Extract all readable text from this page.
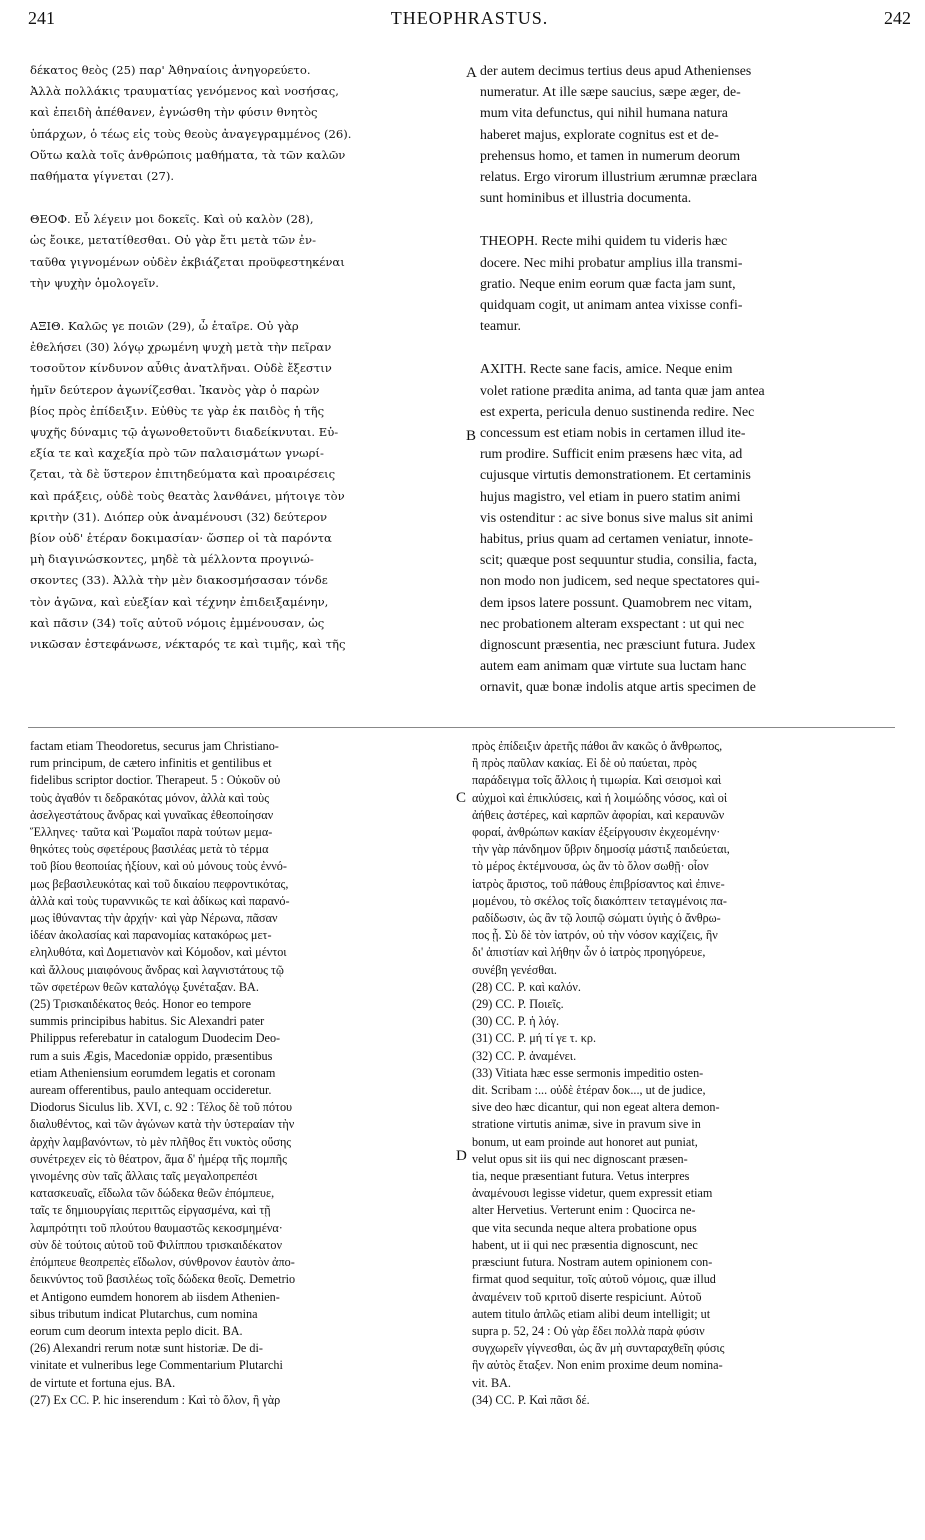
241	THEOPHRASTUS.	242
A
B
C
D
δέκατος θεὸς (25) παρ' Ἀθηναίοις ἀνηγορεύετο.
Ἀλλὰ πολλάκις τραυματίας γενόμενος καὶ νοσήσας,
καὶ ἐπειδὴ ἀπέθανεν, ἐγνώσθη τὴν φύσιν θνητὸς
ὑπάρχων, ὁ τέως εἰς τοὺς θεοὺς ἀναγεγραμμένος (26).
Οὕτω καλὰ τοῖς ἀνθρώποις μαθήματα, τὰ τῶν καλῶν
παθήματα γίγνεται (27).
ΘΕΟΦ. Εὖ λέγειν μοι δοκεῖς. Καὶ οὐ καλὸν (28),
ὡς ἔοικε, μετατίθεσθαι. Οὐ γὰρ ἔτι μετὰ τῶν ἐν-
ταῦθα γιγνομένων οὐδὲν ἐκβιάζεται προϋφεστηκέναι
τὴν ψυχὴν ὁμολογεῖν.
ΑΞΙΘ. Καλῶς γε ποιῶν (29), ὦ ἑταῖρε. Οὐ γὰρ
ἐθελήσει (30) λόγῳ χρωμένη ψυχὴ μετὰ τὴν πεῖραν
τοσοῦτον κίνδυνον αὖθις ἀνατλῆναι. Οὐδὲ ἔξεστιν
ἡμῖν δεύτερον ἀγωνίζεσθαι. Ἱκανὸς γὰρ ὁ παρὼν
βίος πρὸς ἐπίδειξιν. Εὐθὺς τε γὰρ ἐκ παιδὸς ἡ τῆς
ψυχῆς δύναμις τῷ ἀγωνοθετοῦντι διαδείκνυται. Εὐ-
εξία τε καὶ καχεξία πρὸ τῶν παλαισμάτων γνωρί-
ζεται, τὰ δὲ ὕστερον ἐπιτηδεύματα καὶ προαιρέσεις
καὶ πράξεις, οὐδὲ τοὺς θεατὰς λανθάνει, μήτοιγε τὸν
κριτὴν (31). Διόπερ οὐκ ἀναμένουσι (32) δεύτερον
βίον οὐδ' ἑτέραν δοκιμασίαν· ὥσπερ οἱ τὰ παρόντα
μὴ διαγινώσκοντες, μηδὲ τὰ μέλλοντα προγινώ-
σκοντες (33). Ἀλλὰ τὴν μὲν διακοσμήσασαν τόνδε
τὸν ἀγῶνα, καὶ εὐεξίαν καὶ τέχνην ἐπιδειξαμένην,
καὶ πᾶσιν (34) τοῖς αὐτοῦ νόμοις ἐμμένουσαν, ὡς
νικῶσαν ἐστεφάνωσε, νέκταρός τε καὶ τιμῆς, καὶ τῆς
der autem decimus tertius deus apud Athenienses
numeratur. At ille sæpe saucius, sæpe æger, de-
mum vita defunctus, qui nihil humana natura
haberet majus, explorate cognitus est et de-
prehensus homo, et tamen in numerum deorum
relatus. Ergo virorum illustrium ærumnæ præclara
sunt hominibus et illustria documenta.
THEOPH. Recte mihi quidem tu videris hæc
docere. Nec mihi probatur amplius illa transmi-
gratio. Neque enim eorum quæ facta jam sunt,
quidquam cogit, ut animam antea vixisse confi-
teamur.
AXITH. Recte sane facis, amice. Neque enim
volet ratione prædita anima, ad tanta quæ jam antea
est experta, pericula denuo sustinenda redire. Nec
concessum est etiam nobis in certamen illud ite-
rum prodire. Sufficit enim præsens hæc vita, ad
cujusque virtutis demonstrationem. Et certaminis
hujus magistro, vel etiam in puero statim animi
vis ostenditur : ac sive bonus sive malus sit animi
habitus, prius quam ad certamen veniatur, innote-
scit; quæque post sequuntur studia, consilia, facta,
non modo non judicem, sed neque spectatores qui-
dem ipsos latere possunt. Quamobrem nec vitam,
nec probationem alteram exspectant : ut qui nec
dignoscunt præsentia, nec præsciunt futura. Judex
autem eam animam quæ virtute sua luctam hanc
ornavit, quæ bonæ indolis atque artis specimen de
factam etiam Theodoretus, securus jam Christiano-
rum principum, de cætero infinitis et gentilibus et
fidelibus scriptor doctior. Therapeut. 5 : Οὐκοῦν οὐ
τοὺς ἀγαθόν τι δεδρακότας μόνον, ἀλλὰ καὶ τοὺς
ἀσελγεστάτους ἄνδρας καὶ γυναῖκας ἐθεοποίησαν
Ἕλληνες· ταῦτα καὶ Ῥωμαῖοι παρὰ τούτων μεμα-
θηκότες τοὺς σφετέρους βασιλέας μετὰ τὸ τέρμα
τοῦ βίου θεοποιίας ἠξίουν, καὶ οὐ μόνους τοὺς ἐννό-
μως βεβασιλευκότας καὶ τοῦ δικαίου πεφροντικότας,
ἀλλὰ καὶ τοὺς τυραννικῶς τε καὶ ἀδίκως καὶ παρανό-
μως ἰθύναντας τὴν ἀρχήν· καὶ γὰρ Νέρωνα, πᾶσαν
ἰδέαν ἀκολασίας καὶ παρανομίας κατακόρως μετ-
εληλυθότα, καὶ Δομετιανὸν καὶ Κόμοδον, καὶ μέντοι
καὶ ἄλλους μιαιφόνους ἄνδρας καὶ λαγνιστάτους τῷ
τῶν σφετέρων θεῶν καταλόγῳ ξυνέταξαν. BA.
(25) Τρισκαιδέκατος θεός. Honor eo tempore
summis principibus habitus. Sic Alexandri pater
Philippus referebatur in catalogum Duodecim Deo-
rum a suis Ægis, Macedoniæ oppido, præsentibus
etiam Atheniensium eorumdem legatis et coronam
auream offerentibus, paulo antequam occideretur.
Diodorus Siculus lib. XVI, c. 92 : Τέλος δὲ τοῦ πότου
διαλυθέντος, καὶ τῶν ἀγώνων κατὰ τὴν ὑστεραίαν τὴν
ἀρχὴν λαμβανόντων, τὸ μὲν πλῆθος ἔτι νυκτὸς οὔσης
συνέτρεχεν εἰς τὸ θέατρον, ἅμα δ' ἡμέρᾳ τῆς πομπῆς
γινομένης σὺν ταῖς ἄλλαις ταῖς μεγαλοπρεπέσι
κατασκευαῖς, εἴδωλα τῶν δώδεκα θεῶν ἐπόμπευε,
ταῖς τε δημιουργίαις περιττῶς εἰργασμένα, καὶ τῇ
λαμπρότητι τοῦ πλούτου θαυμαστῶς κεκοσμημένα·
σὺν δὲ τούτοις αὐτοῦ τοῦ Φιλίππου τρισκαιδέκατον
ἐπόμπευε θεοπρεπὲς εἴδωλον, σύνθρονον ἑαυτὸν ἀπο-
δεικνύντος τοῦ βασιλέως τοῖς δώδεκα θεοῖς. Demetrio
et Antigono eumdem honorem ab iisdem Athenien-
sibus tributum indicat Plutarchus, cum nomina
eorum cum deorum intexta peplo dicit. BA.
(26) Alexandri rerum notæ sunt historiæ. De di-
vinitate et vulneribus lege Commentarium Plutarchi
de virtute et fortuna ejus. BA.
(27) Ex CC. P. hic inserendum : Καὶ τὸ ὅλον, ἢ γὰρ
πρὸς ἐπίδειξιν ἀρετῆς πάθοι ἂν κακῶς ὁ ἄνθρωπος,
ἢ πρὸς παῦλαν κακίας. Εἰ δὲ οὐ παύεται, πρὸς
παράδειγμα τοῖς ἄλλοις ἡ τιμωρία. Καὶ σεισμοὶ καὶ
αὐχμοὶ καὶ ἐπικλύσεις, καὶ ἡ λοιμώδης νόσος, καὶ οἱ
ἀήθεις ἀστέρες, καὶ καρπῶν ἀφορίαι, καὶ κεραυνῶν
φοραί, ἀνθρώπων κακίαν ἐξείργουσιν ἐκχεομένην·
τὴν γὰρ πάνδημον ὕβριν δημοσίᾳ μάστιξ παιδεύεται,
τὸ μέρος ἐκτέμνουσα, ὡς ἂν τὸ ὅλον σωθῇ· οἷον
ἰατρὸς ἄριστος, τοῦ πάθους ἐπιβρίσαντος καὶ ἐπινε-
μομένου, τὸ σκέλος τοῖς διακόπτειν τεταγμένοις πα-
ραδίδωσιν, ὡς ἂν τῷ λοιπῷ σώματι ὑγιὴς ὁ ἄνθρω-
πος ᾖ. Σὺ δὲ τὸν ἰατρόν, οὐ τὴν νόσον καχίζεις, ἣν
δι' ἀπιστίαν καὶ λήθην ὧν ὁ ἰατρὸς προηγόρευε,
συνέβη γενέσθαι.
(28) CC. P. καὶ καλόν.
(29) CC. P. Ποιεῖς.
(30) CC. P. ἡ λόγ.
(31) CC. P. μή τί γε τ. κρ.
(32) CC. P. ἀναμένει.
(33) Vitiata hæc esse sermonis impeditio osten-
dit. Scribam :... οὐδὲ ἑτέραν δοκ..., ut de judice,
sive deo hæc dicantur, qui non egeat altera demon-
stratione virtutis animæ, sive in pravum sive in
bonum, ut eam proinde aut honoret aut puniat,
velut opus sit iis qui nec dignoscant præsen-
tia, neque præsentiant futura. Vetus interpres
ἀναμένουσι legisse videtur, quem expressit etiam
alter Hervetius. Verterunt enim : Quocirca ne-
que vita secunda neque altera probatione opus
habent, ut ii qui nec præsentia dignoscunt, nec
præsciunt futura. Nostram autem opinionem con-
firmat quod sequitur, τοῖς αὐτοῦ νόμοις, quæ illud
ἀναμένειν τοῦ κριτοῦ diserte respiciunt. Αὐτοῦ
autem titulo ἁπλῶς etiam alibi deum intelligit; ut
supra p. 52, 24 : Οὐ γὰρ ἔδει πολλὰ παρὰ φύσιν
συγχωρεῖν γίγνεσθαι, ὡς ἂν μὴ συνταραχθεῖη φύσις
ἣν αὐτὸς ἔταξεν. Non enim proxime deum nomina-
vit. BA.
(34) CC. P. Καὶ πᾶσι δέ.
